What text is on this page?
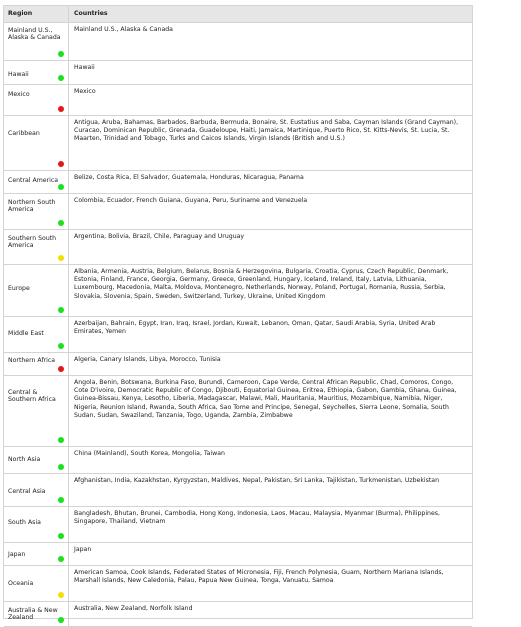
Region	Countries

Mainland U.S., Alaska & Canada	Mainland U.S., Alaska & Canada

Hawaii	Hawaii

Mexico	Mexico

Caribbean	Antigua, Aruba, Bahamas, Barbados, Barbuda, Bermuda, Bonaire, St. Eustatius and Saba, Cayman Islands (Grand Cayman), Curacao, Dominican Republic, Grenada, Guadeloupe, Haiti, Jamaica, Martinique, Puerto Rico, St. Kitts-Nevis, St. Lucia, St. Maarten, Trinidad and Tobago, Turks and Caicos Islands, Virgin Islands (British and U.S.)

Central America	Belize, Costa Rica, El Salvador, Guatemala, Honduras, Nicaragua, Panama

Northern South America	Colombia, Ecuador, French Guiana, Guyana, Peru, Suriname and Venezuela

Southern South America	Argentina, Bolivia, Brazil, Chile, Paraguay and Uruguay

Europe	Albania, Armenia, Austria, Belgium, Belarus, Bosnia & Herzegovina, Bulgaria, Croatia, Cyprus, Czech Republic, Denmark, Estonia, Finland, France, Georgia, Germany, Greece, Greenland, Hungary, Iceland, Ireland, Italy, Latvia, Lithuania, Luxembourg, Macedonia, Malta, Moldova, Montenegro, Netherlands, Norway, Poland, Portugal, Romania, Russia, Serbia, Slovakia, Slovenia, Spain, Sweden, Switzerland, Turkey, Ukraine, United Kingdom

Middle East	Azerbaijan, Bahrain, Egypt, Iran, Iraq, Israel, Jordan, Kuwait, Lebanon, Oman, Qatar, Saudi Arabia, Syria, United Arab Emirates, Yemen

Northern Africa	Algeria, Canary Islands, Libya, Morocco, Tunisia

Central & Southern Africa	Angola, Benin, Botswana, Burkina Faso, Burundi, Cameroon, Cape Verde, Central African Republic, Chad, Comoros, Congo, Cote D'ivoire, Democratic Republic of Congo, Djibouti, Equatorial Guinea, Eritrea, Ethiopia, Gabon, Gambia, Ghana, Guinea, Guinea-Bissau, Kenya, Lesotho, Liberia, Madagascar, Malawi, Mali, Mauritania, Mauritius, Mozambique, Namibia, Niger, Nigeria, Reunion Island, Rwanda, South Africa, Sao Tome and Principe, Senegal, Seychelles, Sierra Leone, Somalia, South Sudan, Sudan, Swaziland, Tanzania, Togo, Uganda, Zambia, Zimbabwe

North Asia	China (Mainland), South Korea, Mongolia, Taiwan

Central Asia	Afghanistan, India, Kazakhstan, Kyrgyzstan, Maldives, Nepal, Pakistan, Sri Lanka, Tajikistan, Turkmenistan, Uzbekistan

South Asia	Bangladesh, Bhutan, Brunei, Cambodia, Hong Kong, Indonesia, Laos, Macau, Malaysia, Myanmar (Burma), Philippines, Singapore, Thailand, Vietnam

Japan	Japan

Oceania	American Samoa, Cook Islands, Federated States of Micronesia, Fiji, French Polynesia, Guam, Northern Mariana Islands, Marshall Islands, New Caledonia, Palau, Papua New Guinea, Tonga, Vanuatu, Samoa

Australia & New Zealand	Australia, New Zealand, Norfolk Island
